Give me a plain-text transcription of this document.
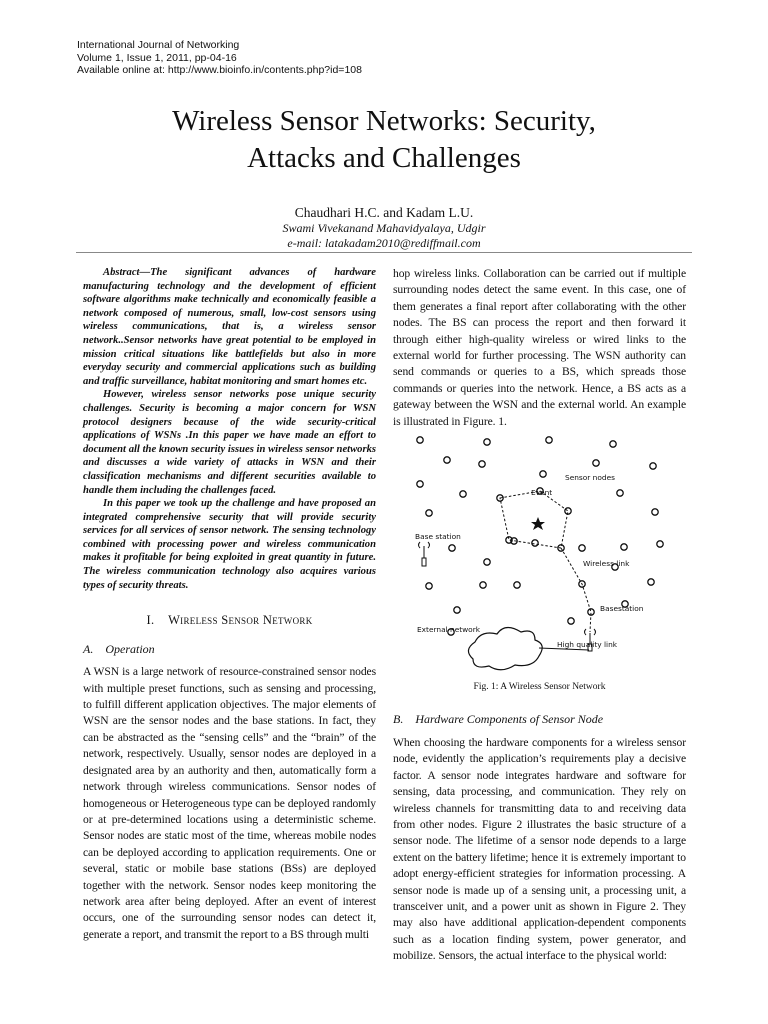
International Journal of Networking
Volume 1, Issue 1, 2011, pp-04-16
Available online at: http://www.bioinfo.in/contents.php?id=108
Wireless Sensor Networks: Security,
Attacks and Challenges
Chaudhari H.C. and Kadam L.U.
Swami Vivekanand Mahavidyalaya, Udgir
e-mail: latakadam2010@rediffmail.com

Abstract—The significant advances of hardware manufacturing technology and the development of efficient software algorithms make technically and economically feasible a network composed of numerous, small, low-cost sensors using wireless communications, that is, a wireless sensor network..Sensor networks have great potential to be employed in mission critical situations like battlefields but also in more everyday security and commercial applications such as building and traffic surveillance, habitat monitoring and smart homes etc.

However, wireless sensor networks pose unique security challenges. Security is becoming a major concern for WSN protocol designers because of the wide security-critical applications of WSNs .In this paper we have made an effort to document all the known security issues in wireless sensor networks and discusses a wide variety of attacks in WSN and their classification mechanisms and different securities available to handle them including the challenges faced.

In this paper we took up the challenge and have proposed an integrated comprehensive security that will provide security services for all services of sensor network. The sensing technology combined with processing power and wireless communication makes it profitable for being exploited in great quantity in future. The wireless communication technology also acquires various types of security threats.

I. Wireless Sensor Network
A. Operation

A WSN is a large network of resource-constrained sensor nodes with multiple preset functions, such as sensing and processing, to fulfill different application objectives. The major elements of WSN are the sensor nodes and the base stations. In fact, they can be abstracted as the “sensing cells” and the “brain” of the network, respectively. Usually, sensor nodes are deployed in a designated area by an authority and then, automatically form a network through wireless communications. Sensor nodes of homogeneous or Heterogeneous type can be deployed randomly or at pre-determined locations using a deterministic scheme. Sensor nodes are static most of the time, whereas mobile nodes can be deployed according to application requirements. One or several, static or mobile base stations (BSs) are deployed together with the network. Sensor nodes keep monitoring the network area after being deployed. After an event of interest occurs, one of the surrounding sensor nodes can detect it, generate a report, and transmit the report to a BS through multi

hop wireless links. Collaboration can be carried out if multiple surrounding nodes detect the same event. In this case, one of them generates a final report after collaborating with the other nodes. The BS can process the report and then forward it through either high-quality wireless or wired links to the external world for further processing. The WSN authority can send commands or queries to a BS, which spreads those commands or queries into the network. Hence, a BS acts as a gateway between the WSN and the external world. An example is illustrated in Figure. 1.

Sensor nodes
Event
Base station
Wireless link
Basestation
External network
High quality link
Fig. 1: A Wireless Sensor Network
B. Hardware Components of Sensor Node

When choosing the hardware components for a wireless sensor node, evidently the application’s requirements play a decisive factor. A sensor node integrates hardware and software for sensing, data processing, and communication. They rely on wireless channels for transmitting data to and receiving data from other nodes. Figure 2 illustrates the basic structure of a sensor node. The lifetime of a sensor node depends to a large extent on the battery lifetime; hence it is extremely important to adopt energy-efficient strategies for information processing. A sensor node is made up of a sensing unit, a processing unit, a transceiver unit, and a power unit as shown in Figure 2. They may also have additional application-dependent components such as a location finding system, power generator, and mobilize. Sensors, the actual interface to the physical world:
